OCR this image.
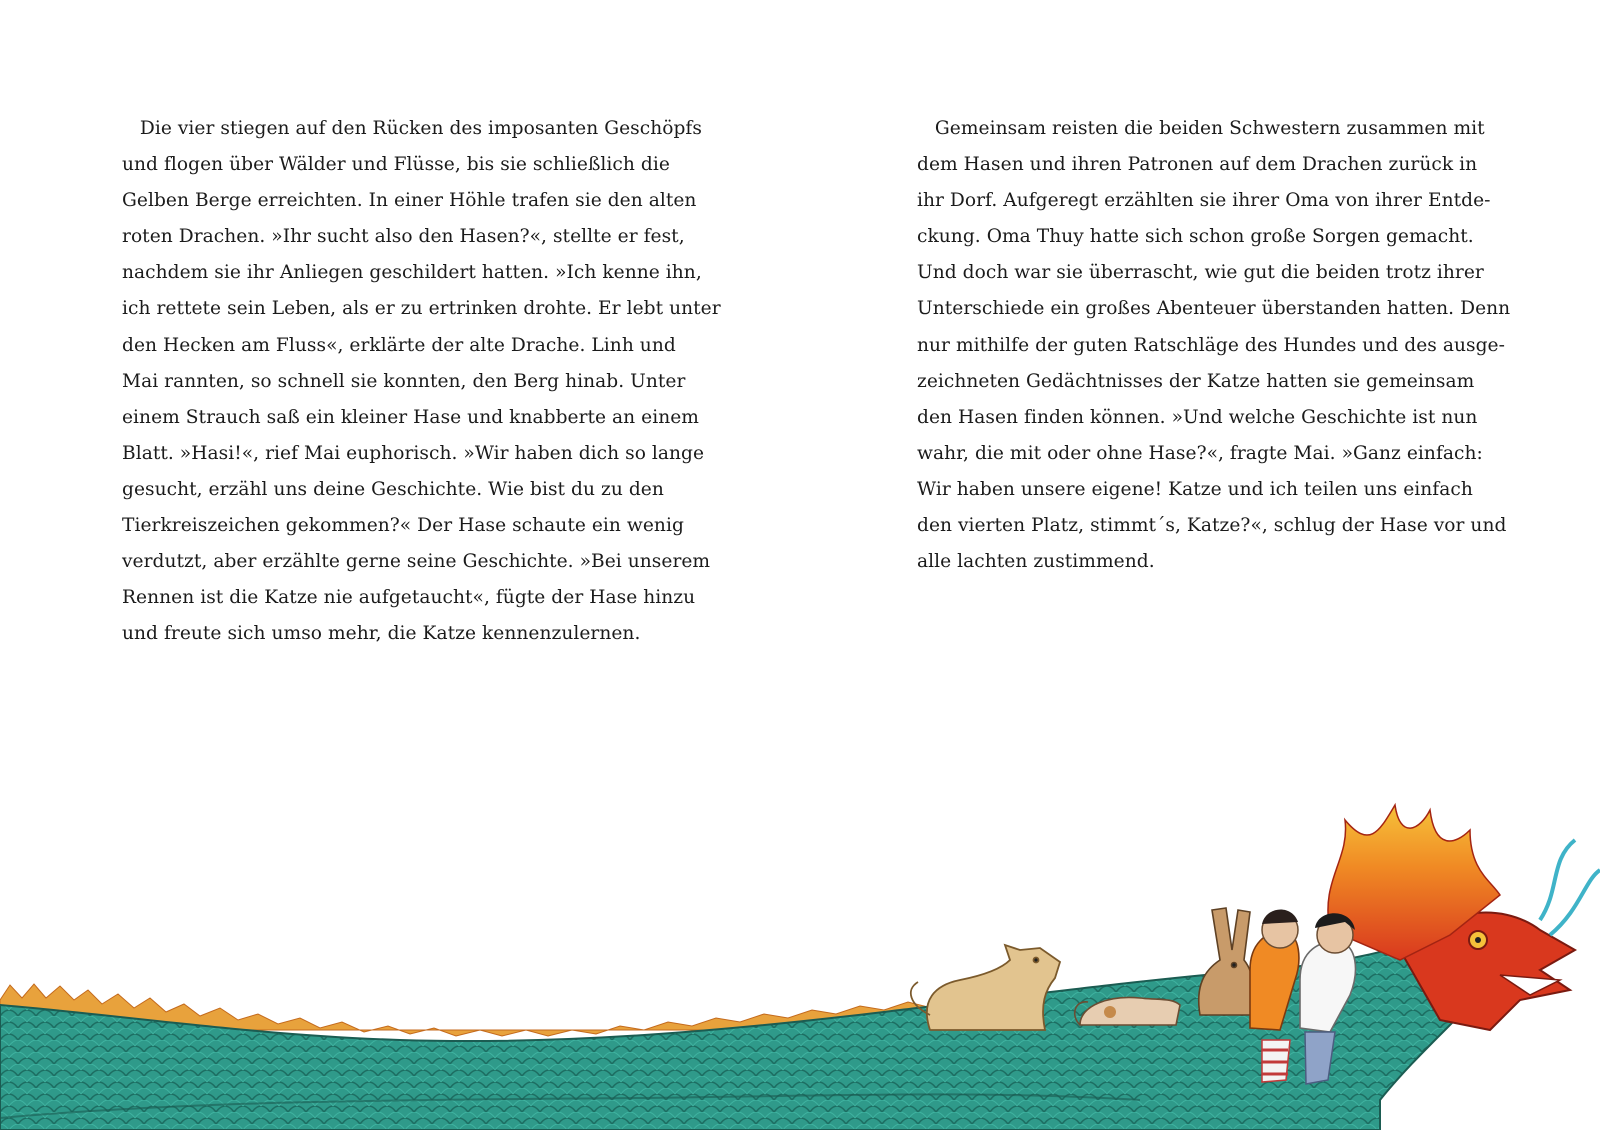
Die vier stiegen auf den Rücken des imposanten Geschöpfs
und flogen über Wälder und Flüsse, bis sie schließlich die
Gelben Berge erreichten. In einer Höhle trafen sie den alten
roten Drachen. »Ihr sucht also den Hasen?«, stellte er fest,
nachdem sie ihr Anliegen geschildert hatten. »Ich kenne ihn,
ich rettete sein Leben, als er zu ertrinken drohte. Er lebt unter
den Hecken am Fluss«, erklärte der alte Drache. Linh und
Mai rannten, so schnell sie konnten, den Berg hinab. Unter
einem Strauch saß ein kleiner Hase und knabberte an einem
Blatt. »Hasi!«, rief Mai euphorisch. »Wir haben dich so lange
gesucht, erzähl uns deine Geschichte. Wie bist du zu den
Tierkreiszeichen gekommen?« Der Hase schaute ein wenig
verdutzt, aber erzählte gerne seine Geschichte. »Bei unserem
Rennen ist die Katze nie aufgetaucht«, fügte der Hase hinzu
und freute sich umso mehr, die Katze kennenzulernen.
Gemeinsam reisten die beiden Schwestern zusammen mit
dem Hasen und ihren Patronen auf dem Drachen zurück in
ihr Dorf. Aufgeregt erzählten sie ihrer Oma von ihrer Entde-
ckung. Oma Thuy hatte sich schon große Sorgen gemacht.
Und doch war sie überrascht, wie gut die beiden trotz ihrer
Unterschiede ein großes Abenteuer überstanden hatten. Denn
nur mithilfe der guten Ratschläge des Hundes und des ausge-
zeichneten Gedächtnisses der Katze hatten sie gemeinsam
den Hasen finden können. »Und welche Geschichte ist nun
wahr, die mit oder ohne Hase?«, fragte Mai. »Ganz einfach:
Wir haben unsere eigene! Katze und ich teilen uns einfach
den vierten Platz, stimmt´s, Katze?«, schlug der Hase vor und
alle lachten zustimmend.
